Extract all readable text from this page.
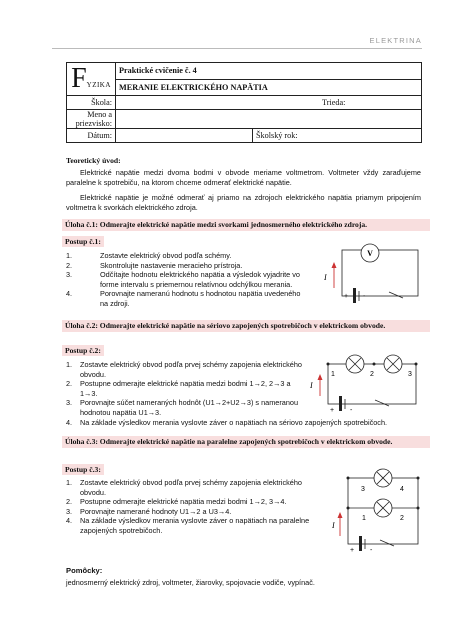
ELEKTRINA
FYZIKA	Praktické cvičenie č. 4	
	MERANIE ELEKTRICKÉHO NAPÄTIA	
Škola:	Trieda:	

Meno a priezvisko:		
Dátum:		Školský rok:
Teoretický úvod:
Elektrické napätie medzi dvoma bodmi v obvode meriame voltmetrom. Voltmeter vždy zaraďujeme paralelne k spotrebiču, na ktorom chceme odmerať elektrické napätie.
Elektrické napätie je možné odmerať aj priamo na zdrojoch elektrického napätia priamym pripojením voltmetra k svorkách elektrického zdroja.
Úloha č.1: Odmerajte elektrické napätie medzi svorkami jednosmerného elektrického zdroja.
Postup č.1:
1.	Zostavte elektrický obvod podľa schémy.
2.	Skontrolujte nastavenie meracieho prístroja.
3.	Odčítajte hodnotu elektrického napätia a výsledok vyjadrite vo forme intervalu s priemernou relatívnou odchýlkou merania.
4.	Porovnajte nameranú hodnotu s hodnotou napätia uvedeného na zdroji.
V
+ -
I
Úloha č.2: Odmerajte elektrické napätie na sériovo zapojených spotrebičoch v elektrickom obvode.
Postup č.2:
1. Zostavte elektrický obvod podľa prvej schémy zapojenia elektrického obvodu.
2. Postupne odmerajte elektrické napätia medzi bodmi 1→2, 2→3 a 1→3.
3. Porovnajte súčet nameraných hodnôt (U1→2+U2→3) s nameranou hodnotou napätia U1→3.
4. Na základe výsledkov merania vyslovte záver o napätiach na sériovo zapojených spotrebičoch.
1	2	3
+ -
I
Úloha č.3: Odmerajte elektrické napätie na paralelne zapojených spotrebičoch v elektrickom obvode.
Postup č.3:
1. Zostavte elektrický obvod podľa prvej schémy zapojenia elektrického obvodu.
2. Postupne odmerajte elektrické napätia medzi bodmi 1→2, 3→4.
3. Porovnajte namerané hodnoty U1→2 a U3→4.
4. Na základe výsledkov merania vyslovte záver o napätiach na paralelne zapojených spotrebičoch.
3	4
1	2
+ -
I
Pomôcky:
jednosmerný elektrický zdroj, voltmeter, žiarovky, spojovacie vodiče, vypínač.
